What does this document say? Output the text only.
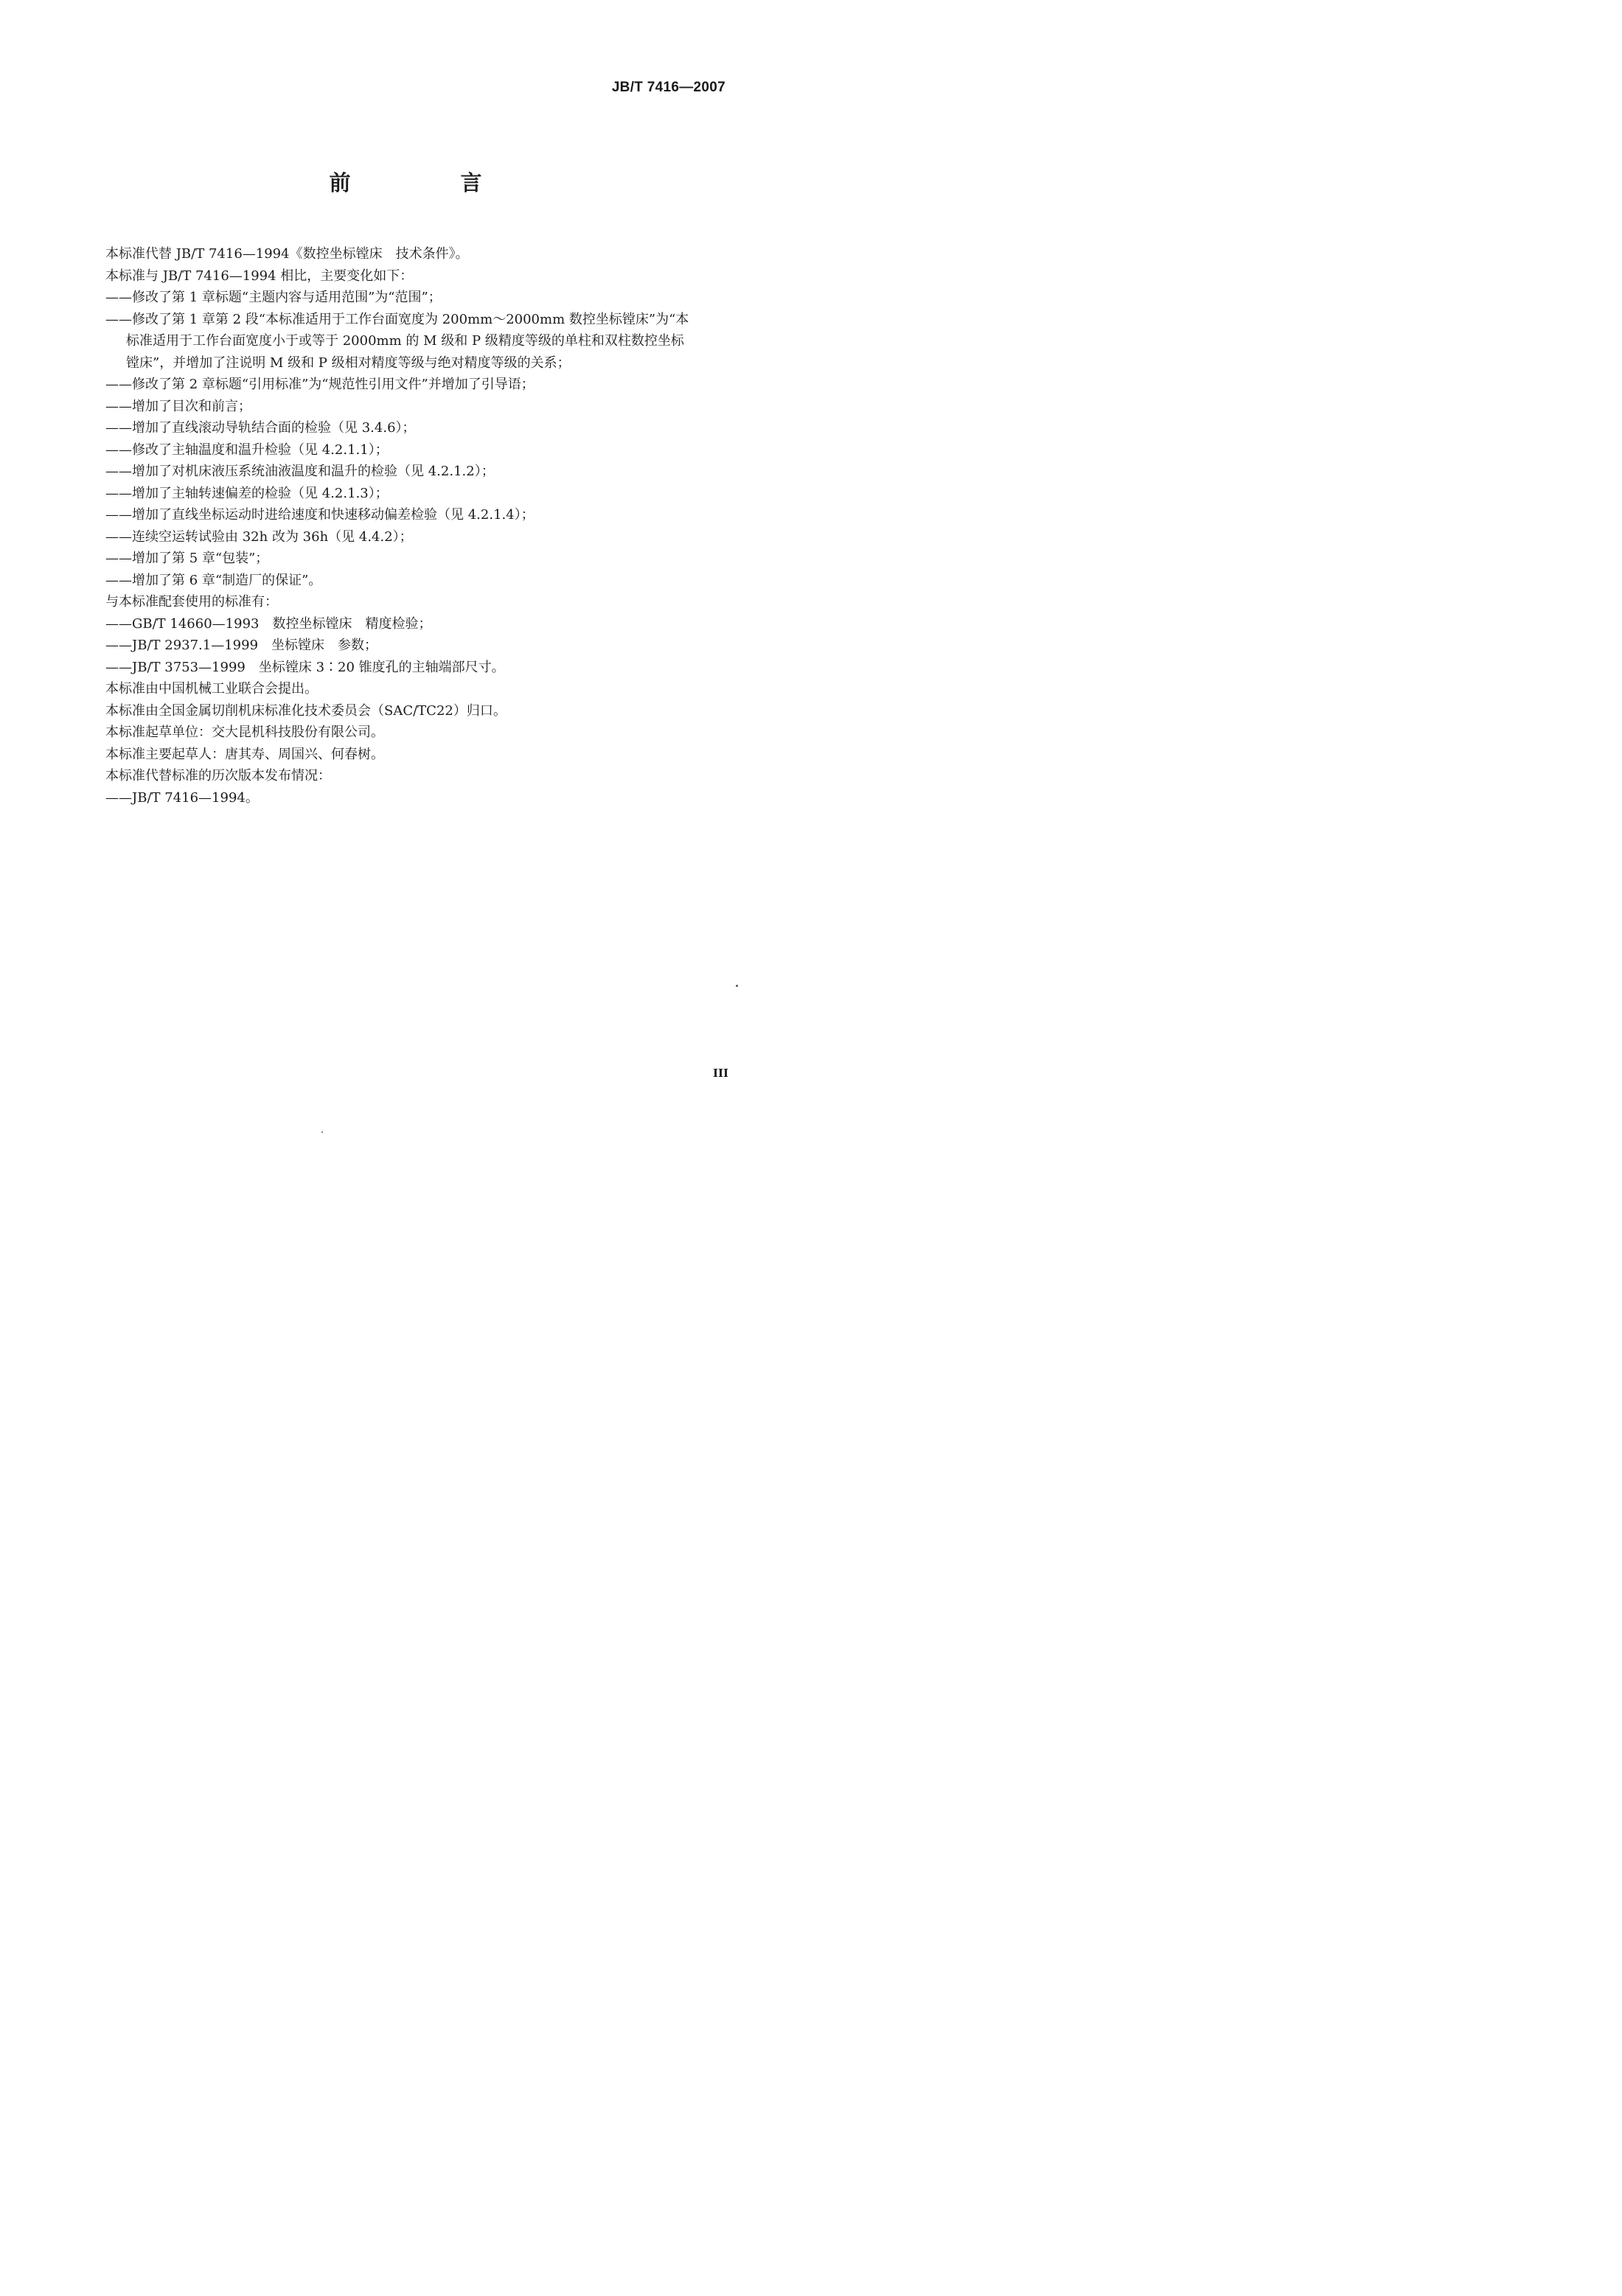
JB/T 7416—2007
前　言
本标准代替 JB/T 7416—1994《数控坐标镗床　技术条件》。
本标准与 JB/T 7416—1994 相比，主要变化如下：
——修改了第 1 章标题“主题内容与适用范围”为“范围”；
——修改了第 1 章第 2 段“本标准适用于工作台面宽度为 200mm～2000mm 数控坐标镗床”为“本
标准适用于工作台面宽度小于或等于 2000mm 的 M 级和 P 级精度等级的单柱和双柱数控坐标
镗床”，并增加了注说明 M 级和 P 级相对精度等级与绝对精度等级的关系；
——修改了第 2 章标题“引用标准”为“规范性引用文件”并增加了引导语；
——增加了目次和前言；
——增加了直线滚动导轨结合面的检验（见 3.4.6）；
——修改了主轴温度和温升检验（见 4.2.1.1）；
——增加了对机床液压系统油液温度和温升的检验（见 4.2.1.2）；
——增加了主轴转速偏差的检验（见 4.2.1.3）；
——增加了直线坐标运动时进给速度和快速移动偏差检验（见 4.2.1.4）；
——连续空运转试验由 32h 改为 36h（见 4.4.2）；
——增加了第 5 章“包装”；
——增加了第 6 章“制造厂的保证”。
与本标准配套使用的标准有：
——GB/T 14660—1993　数控坐标镗床　精度检验；
——JB/T 2937.1—1999　坐标镗床　参数；
——JB/T 3753—1999　坐标镗床 3∶20 锥度孔的主轴端部尺寸。
本标准由中国机械工业联合会提出。
本标准由全国金属切削机床标准化技术委员会（SAC/TC22）归口。
本标准起草单位：交大昆机科技股份有限公司。
本标准主要起草人：唐其寿、周国兴、何春树。
本标准代替标准的历次版本发布情况：
——JB/T 7416—1994。
III
